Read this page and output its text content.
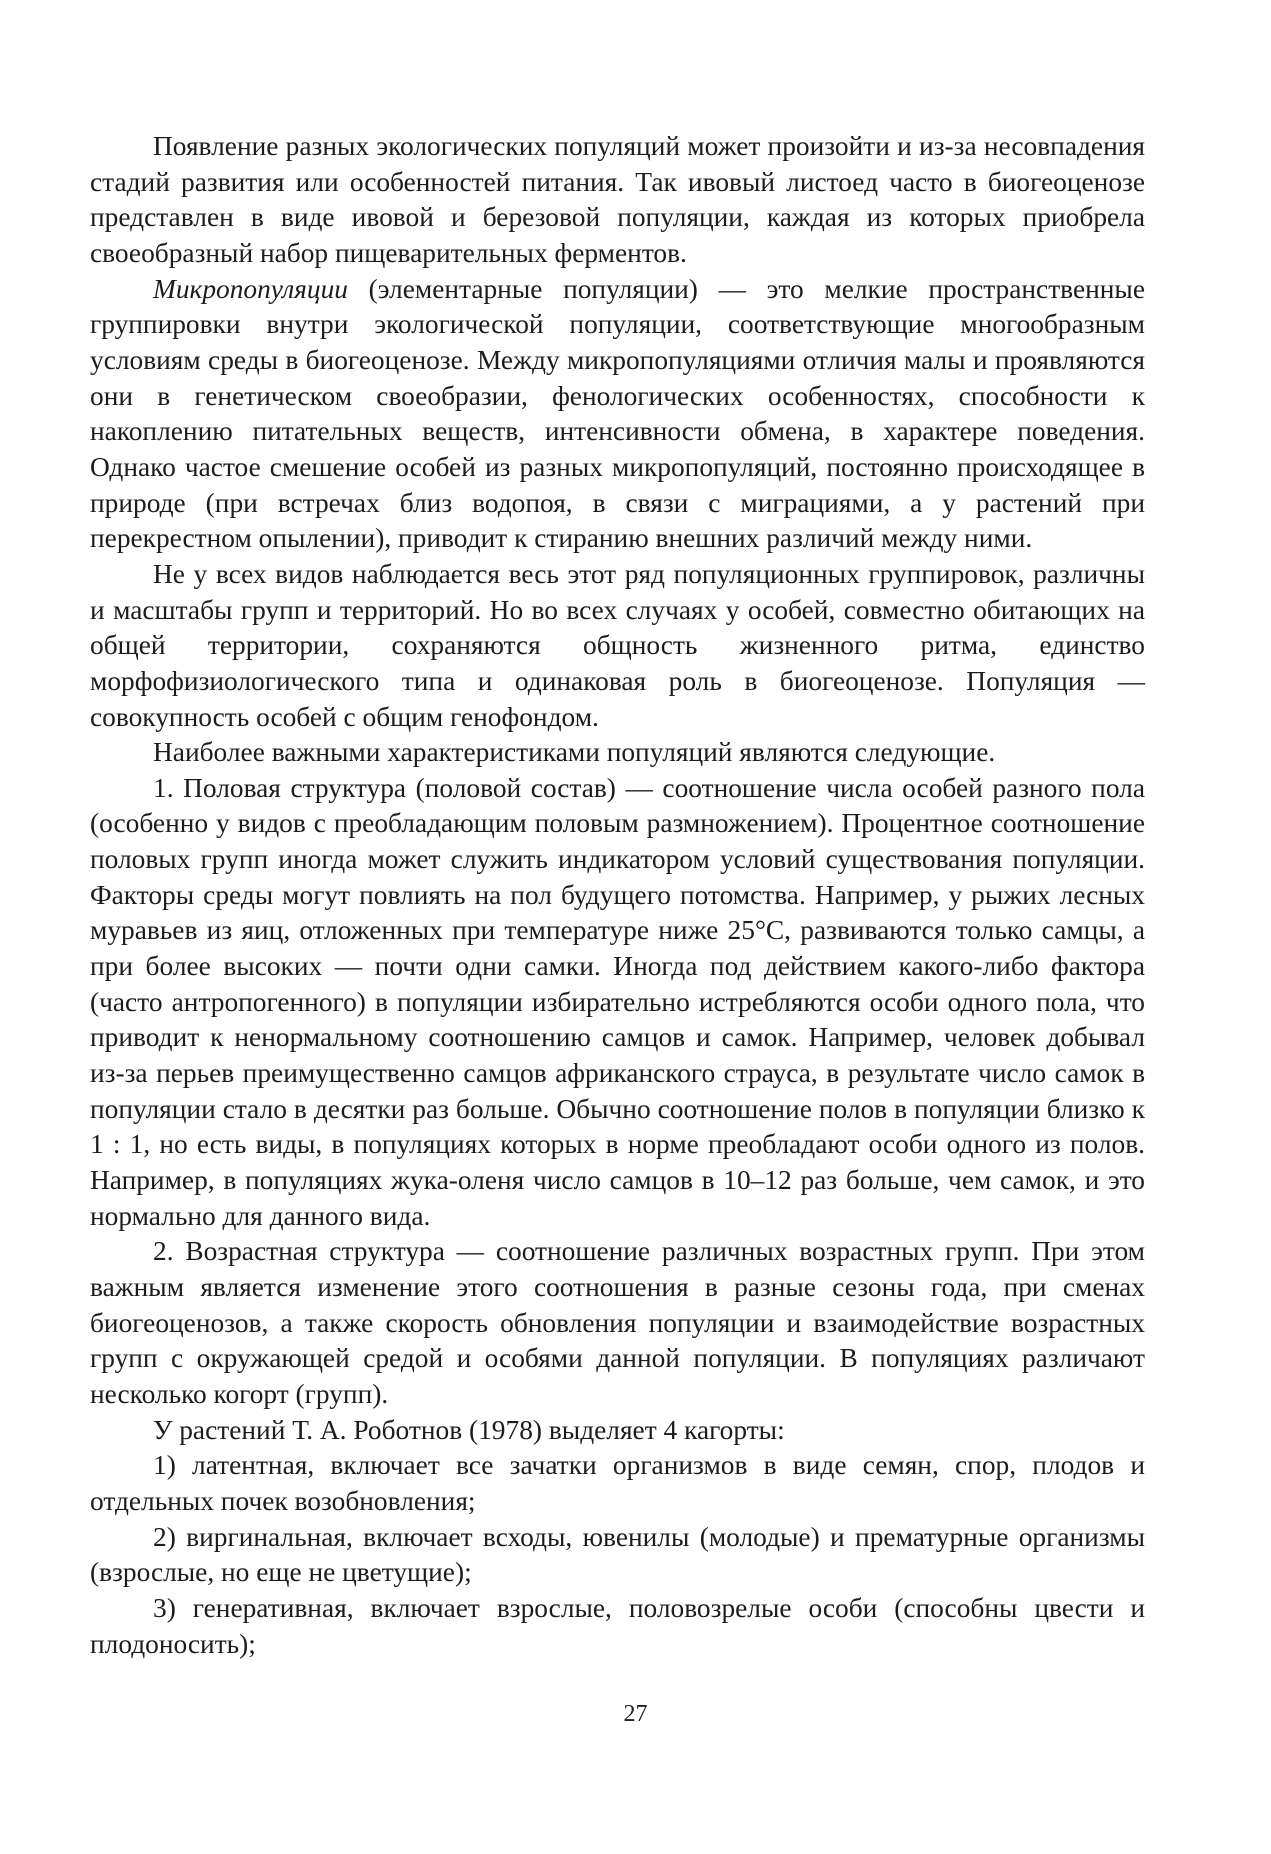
Появление разных экологических популяций может произойти и из-за несовпадения стадий развития или особенностей питания. Так ивовый листоед часто в биогеоценозе представлен в виде ивовой и березовой популяции, каждая из которых приобрела своеобразный набор пищеварительных ферментов.

Микропопуляции (элементарные популяции) — это мелкие пространственные группировки внутри экологической популяции, соответствующие многообразным условиям среды в биогеоценозе. Между микропопуляциями отличия малы и проявляются они в генетическом своеобразии, фенологических особенностях, способности к накоплению питательных веществ, интенсивности обмена, в характере поведения. Однако частое смешение особей из разных микропопуляций, постоянно происходящее в природе (при встречах близ водопоя, в связи с миграциями, а у растений при перекрестном опылении), приводит к стиранию внешних различий между ними.

Не у всех видов наблюдается весь этот ряд популяционных группировок, различны и масштабы групп и территорий. Но во всех случаях у особей, совместно обитающих на общей территории, сохраняются общность жизненного ритма, единство морфофизиологического типа и одинаковая роль в биогеоценозе. Популяция — совокупность особей с общим генофондом.

Наиболее важными характеристиками популяций являются следующие.

1. Половая структура (половой состав) — соотношение числа особей разного пола (особенно у видов с преобладающим половым размножением). Процентное соотношение половых групп иногда может служить индикатором условий существования популяции. Факторы среды могут повлиять на пол будущего потомства. Например, у рыжих лесных муравьев из яиц, отложенных при температуре ниже 25°С, развиваются только самцы, а при более высоких — почти одни самки. Иногда под действием какого-либо фактора (часто антропогенного) в популяции избирательно истребляются особи одного пола, что приводит к ненормальному соотношению самцов и самок. Например, человек добывал из-за перьев преимущественно самцов африканского страуса, в результате число самок в популяции стало в десятки раз больше. Обычно соотношение полов в популяции близко к 1 : 1, но есть виды, в популяциях которых в норме преобладают особи одного из полов. Например, в популяциях жука-оленя число самцов в 10–12 раз больше, чем самок, и это нормально для данного вида.

2. Возрастная структура — соотношение различных возрастных групп. При этом важным является изменение этого соотношения в разные сезоны года, при сменах биогеоценозов, а также скорость обновления популяции и взаимодействие возрастных групп с окружающей средой и особями данной популяции. В популяциях различают несколько когорт (групп).

У растений Т. А. Роботнов (1978) выделяет 4 кагорты:

1) латентная, включает все зачатки организмов в виде семян, спор, плодов и отдельных почек возобновления;

2) виргинальная, включает всходы, ювенилы (молодые) и прематурные организмы (взрослые, но еще не цветущие);

3) генеративная, включает взрослые, половозрелые особи (способны цвести и плодоносить);

27
